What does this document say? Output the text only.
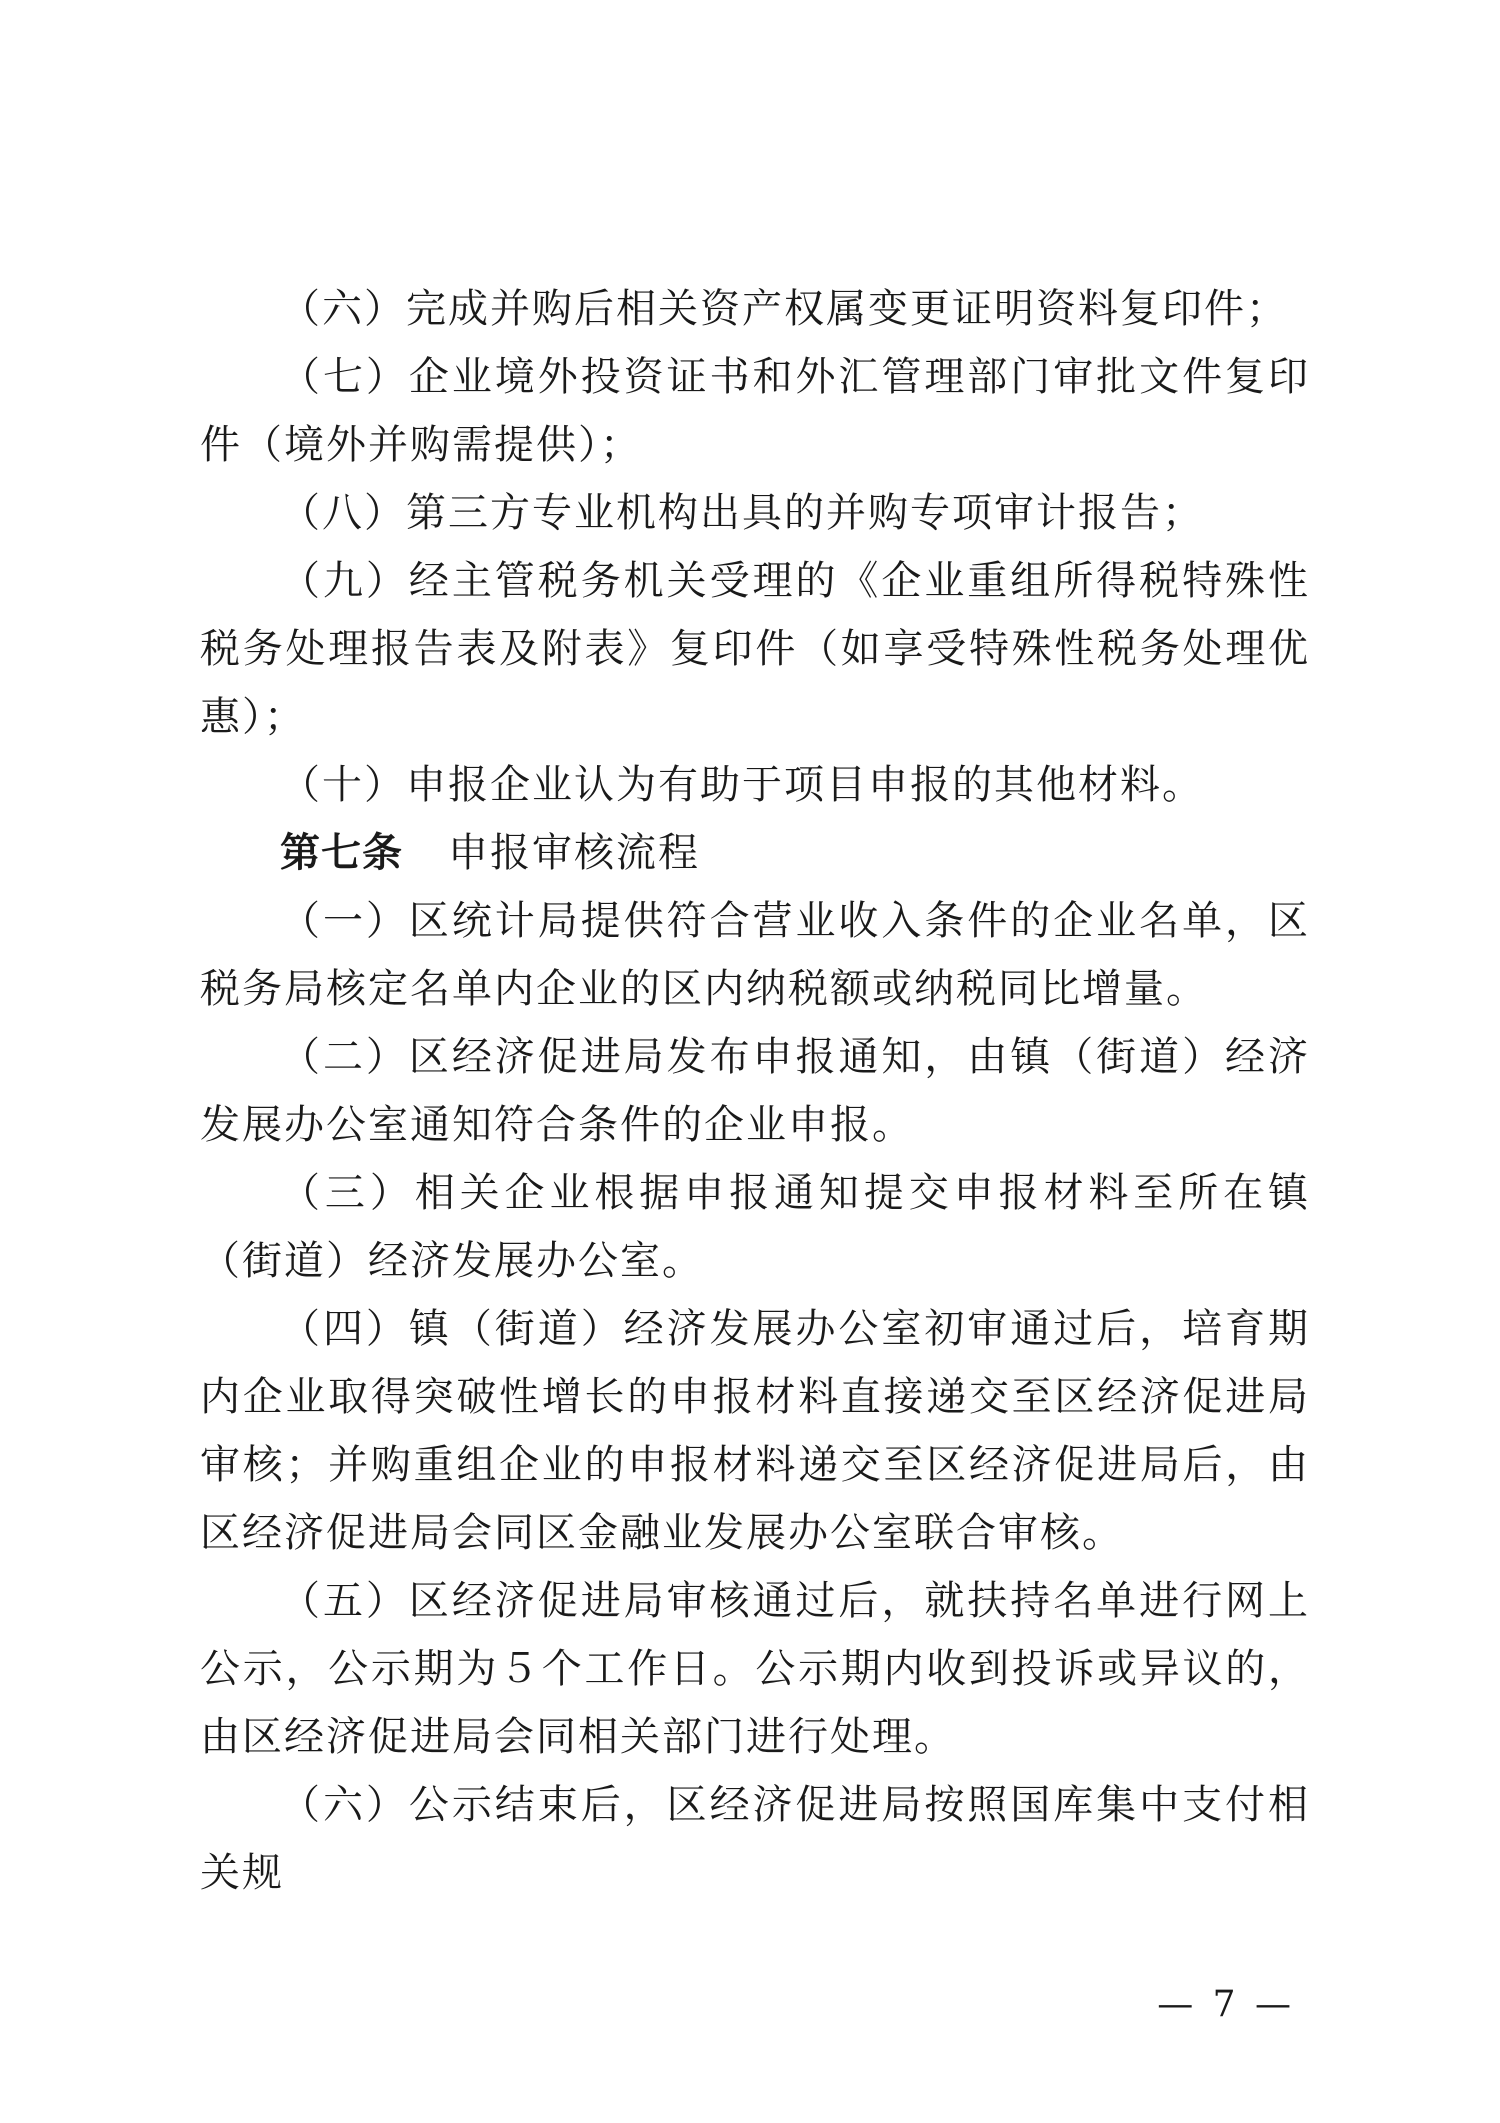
（六）完成并购后相关资产权属变更证明资料复印件；

（七）企业境外投资证书和外汇管理部门审批文件复印件（境外并购需提供）；

（八）第三方专业机构出具的并购专项审计报告；

（九）经主管税务机关受理的《企业重组所得税特殊性税务处理报告表及附表》复印件（如享受特殊性税务处理优惠）；

（十）申报企业认为有助于项目申报的其他材料。

第七条 申报审核流程

（一）区统计局提供符合营业收入条件的企业名单，区税务局核定名单内企业的区内纳税额或纳税同比增量。

（二）区经济促进局发布申报通知，由镇（街道）经济发展办公室通知符合条件的企业申报。

（三）相关企业根据申报通知提交申报材料至所在镇（街道）经济发展办公室。

（四）镇（街道）经济发展办公室初审通过后，培育期内企业取得突破性增长的申报材料直接递交至区经济促进局审核；并购重组企业的申报材料递交至区经济促进局后，由区经济促进局会同区金融业发展办公室联合审核。

（五）区经济促进局审核通过后，就扶持名单进行网上公示，公示期为５个工作日。公示期内收到投诉或异议的，由区经济促进局会同相关部门进行处理。

（六）公示结束后，区经济促进局按照国库集中支付相关规

— 7 —
